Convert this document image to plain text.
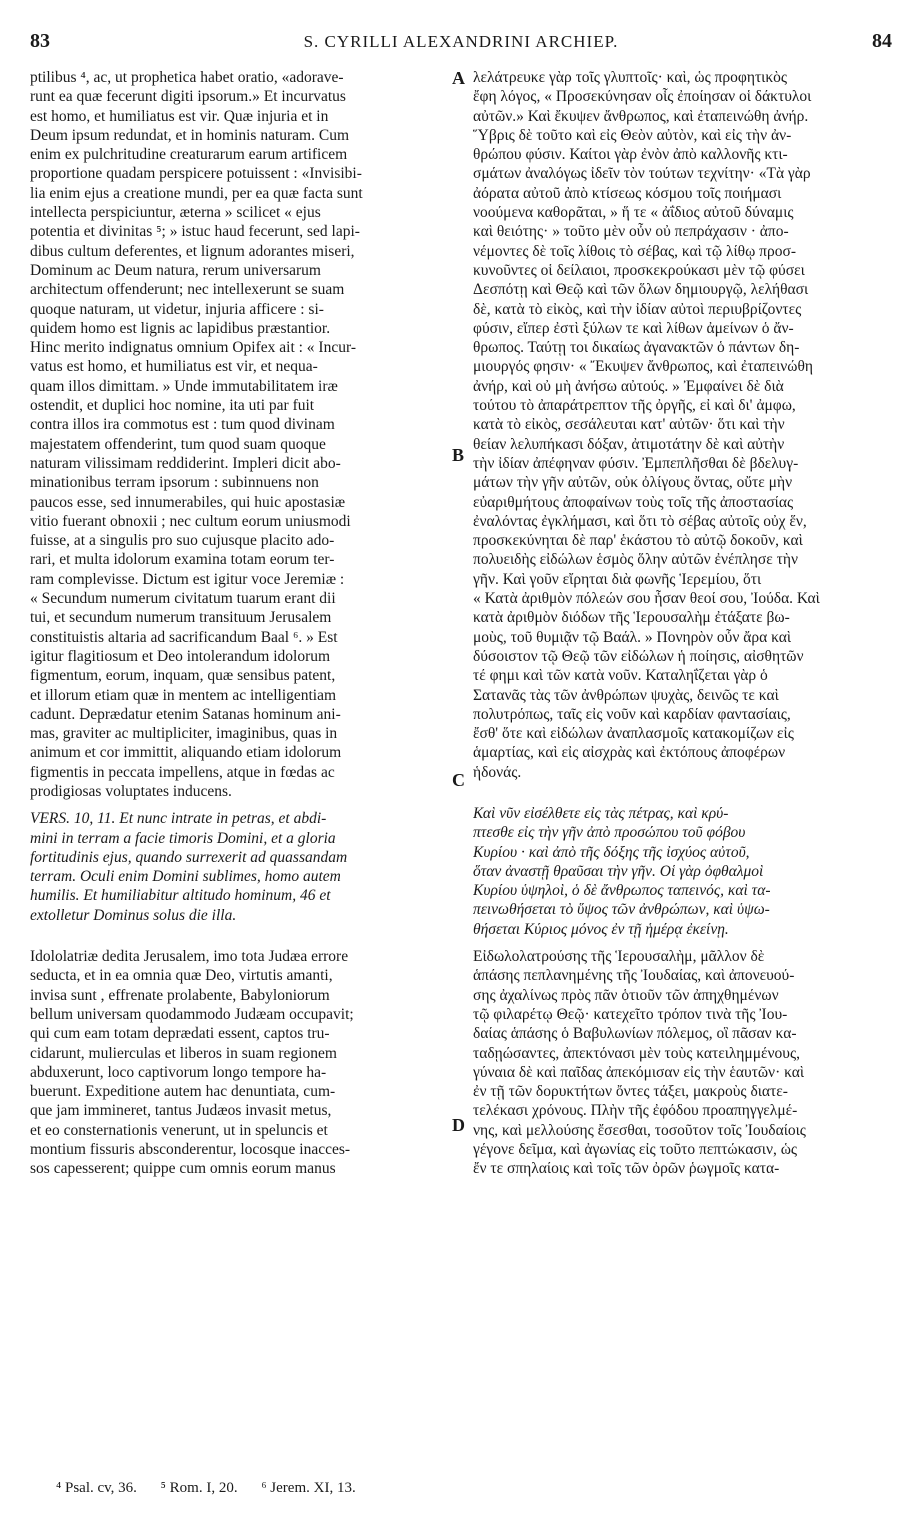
83	S. CYRILLI ALEXANDRINI ARCHIEP.	84
ptilibus ⁴, ac, ut prophetica habet oratio, «adorave-
runt ea quæ fecerunt digiti ipsorum.» Et incurvatus
est homo, et humiliatus est vir. Quæ injuria et in
Deum ipsum redundat, et in hominis naturam. Cum
enim ex pulchritudine creaturarum earum artificem
proportione quadam perspicere potuissent : «Invisibi-
lia enim ejus a creatione mundi, per ea quæ facta sunt
intellecta perspiciuntur, æterna » scilicet « ejus
potentia et divinitas ⁵; » istuc haud fecerunt, sed lapi-
dibus cultum deferentes, et lignum adorantes miseri,
Dominum ac Deum natura, rerum universarum
architectum offenderunt; nec intellexerunt se suam
quoque naturam, ut videtur, injuria afficere : si-
quidem homo est lignis ac lapidibus præstantior.
Hinc merito indignatus omnium Opifex ait : « Incur-
vatus est homo, et humiliatus est vir, et nequa-
quam illos dimittam. » Unde immutabilitatem iræ
ostendit, et duplici hoc nomine, ita uti par fuit
contra illos ira commotus est : tum quod divinam
majestatem offenderint, tum quod suam quoque
naturam vilissimam reddiderint. Impleri dicit abo-
minationibus terram ipsorum : subinnuens non
paucos esse, sed innumerabiles, qui huic apostasiæ
vitio fuerant obnoxii ; nec cultum eorum uniusmodi
fuisse, at a singulis pro suo cujusque placito ado-
rari, et multa idolorum examina totam eorum ter-
ram complevisse. Dictum est igitur voce Jeremiæ :
« Secundum numerum civitatum tuarum erant dii
tui, et secundum numerum transituum Jerusalem
constituistis altaria ad sacrificandum Baal ⁶. » Est
igitur flagitiosum et Deo intolerandum idolorum
figmentum, eorum, inquam, quæ sensibus patent,
et illorum etiam quæ in mentem ac intelligentiam
cadunt. Deprædatur etenim Satanas hominum ani-
mas, graviter ac multipliciter, imaginibus, quas in
animum et cor immittit, aliquando etiam idolorum
figmentis in peccata impellens, atque in fœdas ac
prodigiosas voluptates inducens.
VERS. 10, 11. Et nunc intrate in petras, et abdi-
mini in terram a facie timoris Domini, et a gloria
fortitudinis ejus, quando surrexerit ad quassandam
terram. Oculi enim Domini sublimes, homo autem
humilis. Et humiliabitur altitudo hominum, 46 et
extolletur Dominus solus die illa.
Idololatriæ dedita Jerusalem, imo tota Judæa errore
seducta, et in ea omnia quæ Deo, virtutis amanti,
invisa sunt , effrenate prolabente, Babyloniorum
bellum universam quodammodo Judæam occupavit;
qui cum eam totam deprædati essent, captos tru-
cidarunt, mulierculas et liberos in suam regionem
abduxerunt, loco captivorum longo tempore ha-
buerunt. Expeditione autem hac denuntiata, cum-
que jam immineret, tantus Judæos invasit metus,
et eo consternationis venerunt, ut in speluncis et
montium fissuris absconderentur, locosque inacces-
sos capesserent; quippe cum omnis eorum manus
λελάτρευκε γὰρ τοῖς γλυπτοῖς· καὶ, ὡς προφητικὸς
ἔφη λόγος, « Προσεκύνησαν οἷς ἐποίησαν οἱ δάκτυλοι
αὐτῶν.» Καὶ ἔκυψεν ἄνθρωπος, καὶ ἐταπεινώθη ἀνήρ.
Ὕβρις δὲ τοῦτο καὶ εἰς Θεὸν αὐτὸν, καὶ εἰς τὴν ἀν-
θρώπου φύσιν. Καίτοι γὰρ ἐνὸν ἀπὸ καλλονῆς κτι-
σμάτων ἀναλόγως ἰδεῖν τὸν τούτων τεχνίτην· «Τὰ γὰρ
ἀόρατα αὐτοῦ ἀπὸ κτίσεως κόσμου τοῖς ποιήμασι
νοούμενα καθορᾶται, » ἥ τε « ἀΐδιος αὐτοῦ δύναμις
καὶ θειότης· » τοῦτο μὲν οὖν οὐ πεπράχασιν · ἀπο-
νέμοντες δὲ τοῖς λίθοις τὸ σέβας, καὶ τῷ λίθῳ προσ-
κυνοῦντες οἱ δείλαιοι, προσκεκρούκασι μὲν τῷ φύσει
Δεσπότῃ καὶ Θεῷ καὶ τῶν ὅλων δημιουργῷ, λελήθασι
δὲ, κατὰ τὸ εἰκὸς, καὶ τὴν ἰδίαν αὐτοὶ περιυβρίζοντες
φύσιν, εἴπερ ἐστὶ ξύλων τε καὶ λίθων ἀμείνων ὁ ἄν-
θρωπος. Ταύτῃ τοι δικαίως ἀγανακτῶν ὁ πάντων δη-
μιουργός φησιν· « Ἔκυψεν ἄνθρωπος, καὶ ἐταπεινώθη
ἀνήρ, καὶ οὐ μὴ ἀνήσω αὐτούς. » Ἐμφαίνει δὲ διὰ
τούτου τὸ ἀπαράτρεπτον τῆς ὀργῆς, εἰ καὶ δι' ἀμφω,
κατὰ τὸ εἰκὸς, σεσάλευται κατ' αὐτῶν· ὅτι καὶ τὴν
θείαν λελυπήκασι δόξαν, ἀτιμοτάτην δὲ καὶ αὐτὴν
τὴν ἰδίαν ἀπέφηναν φύσιν. Ἐμπεπλῆσθαι δὲ βδελυγ-
μάτων τὴν γῆν αὐτῶν, οὐκ ὀλίγους ὄντας, οὔτε μὴν
εὐαριθμήτους ἀποφαίνων τοὺς τοῖς τῆς ἀποστασίας
ἐναλόντας ἐγκλήμασι, καὶ ὅτι τὸ σέβας αὐτοῖς οὐχ ἕν,
προσκεκύνηται δὲ παρ' ἑκάστου τὸ αὐτῷ δοκοῦν, καὶ
πολυειδὴς εἰδώλων ἑσμὸς ὅλην αὐτῶν ἐνέπλησε τὴν
γῆν. Καὶ γοῦν εἴρηται διὰ φωνῆς Ἱερεμίου, ὅτι
« Κατὰ ἀριθμὸν πόλεών σου ἦσαν θεοί σου, Ἰούδα. Καὶ
κατὰ ἀριθμὸν διόδων τῆς Ἱερουσαλὴμ ἐτάξατε βω-
μοὺς, τοῦ θυμιᾷν τῷ Βαάλ. » Πονηρὸν οὖν ἄρα καὶ
δύσοιστον τῷ Θεῷ τῶν εἰδώλων ἡ ποίησις, αἰσθητῶν
τέ φημι καὶ τῶν κατὰ νοῦν. Καταληΐζεται γὰρ ὁ
Σατανᾶς τὰς τῶν ἀνθρώπων ψυχὰς, δεινῶς τε καὶ
πολυτρόπως, ταῖς εἰς νοῦν καὶ καρδίαν φαντασίαις,
ἔσθ' ὅτε καὶ εἰδώλων ἀναπλασμοῖς κατακομίζων εἰς
ἁμαρτίας, καὶ εἰς αἰσχρὰς καὶ ἐκτόπους ἀποφέρων
ἡδονάς.
Καὶ νῦν εἰσέλθετε εἰς τὰς πέτρας, καὶ κρύ-
πτεσθε εἰς τὴν γῆν ἀπὸ προσώπου τοῦ φόβου
Κυρίου · καὶ ἀπὸ τῆς δόξης τῆς ἰσχύος αὐτοῦ,
ὅταν ἀναστῇ θραῦσαι τὴν γῆν. Οἱ γὰρ ὀφθαλμοὶ
Κυρίου ὑψηλοὶ, ὁ δὲ ἄνθρωπος ταπεινός, καὶ τα-
πεινωθήσεται τὸ ὕψος τῶν ἀνθρώπων, καὶ ὑψω-
θήσεται Κύριος μόνος ἐν τῇ ἡμέρᾳ ἐκείνῃ.
Εἰδωλολατρούσης τῆς Ἱερουσαλὴμ, μᾶλλον δὲ
ἁπάσης πεπλανημένης τῆς Ἰουδαίας, καὶ ἀπονευού-
σης ἀχαλίνως πρὸς πᾶν ὁτιοῦν τῶν ἀπηχθημένων
τῷ φιλαρέτῳ Θεῷ· κατεχεῖτο τρόπον τινὰ τῆς Ἰου-
δαίας ἁπάσης ὁ Βαβυλωνίων πόλεμος, οἳ πᾶσαν κα-
ταδῃώσαντες, ἀπεκτόνασι μὲν τοὺς κατειλημμένους,
γύναια δὲ καὶ παῖδας ἀπεκόμισαν εἰς τὴν ἑαυτῶν· καὶ
ἐν τῇ τῶν δορυκτήτων ὄντες τάξει, μακροὺς διατε-
τελέκασι χρόνους. Πλὴν τῆς ἐφόδου προαπηγγελμέ-
νης, καὶ μελλούσης ἔσεσθαι, τοσοῦτον τοῖς Ἰουδαίοις
γέγονε δεῖμα, καὶ ἀγωνίας εἰς τοῦτο πεπτώκασιν, ὡς
ἔν τε σπηλαίοις καὶ τοῖς τῶν ὀρῶν ῥωγμοῖς κατα-
A
B
C
D
⁴ Psal. cv, 36. ⁵ Rom. I, 20. ⁶ Jerem. XI, 13.
